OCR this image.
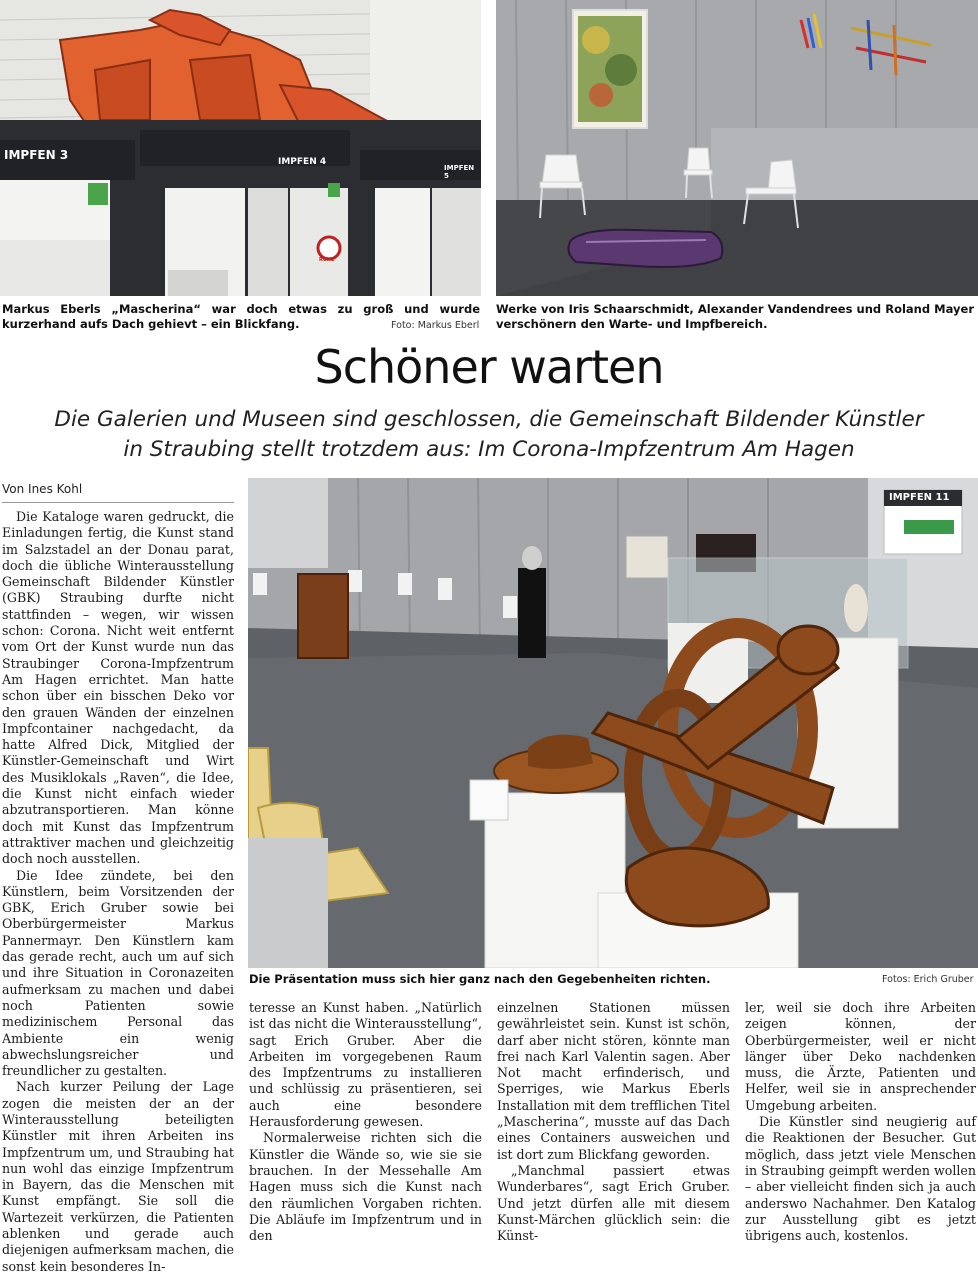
IMPFEN 3	IMPFEN 4
IMPFEN 5
RUHE
Markus Eberls „Mascherina“ war doch etwas zu groß und wurde kurzerhand aufs Dach gehievt – ein Blickfang.	Foto: Markus Eberl
Werke von Iris Schaarschmidt, Alexander Vandendrees und Roland Mayer verschönern den Warte- und Impfbereich.
Schöner warten
Die Galerien und Museen sind geschlossen, die Gemeinschaft Bildender Künstler
in Straubing stellt trotzdem aus: Im Corona-Impfzentrum Am Hagen
Von Ines Kohl
IMPFEN 11
Die Präsentation muss sich hier ganz nach den Gegebenheiten richten.	Fotos: Erich Gruber

Die Kataloge waren gedruckt, die Einladungen fertig, die Kunst stand im Salzstadel an der Donau parat, doch die übliche Winterausstellung Gemeinschaft Bildender Künstler (GBK) Straubing durfte nicht stattfinden – wegen, wir wissen schon: Corona. Nicht weit entfernt vom Ort der Kunst wurde nun das Straubinger Corona-Impfzentrum Am Hagen errichtet. Man hatte schon über ein bisschen Deko vor den grauen Wänden der einzelnen Impfcontainer nachgedacht, da hatte Alfred Dick, Mitglied der Künstler-Gemeinschaft und Wirt des Musiklokals „Raven“, die Idee, die Kunst nicht einfach wieder abzutransportieren. Man könne doch mit Kunst das Impfzentrum attraktiver machen und gleichzeitig doch noch ausstellen.

Die Idee zündete, bei den Künstlern, beim Vorsitzenden der GBK, Erich Gruber sowie bei Oberbürgermeister Markus Pannermayr. Den Künstlern kam das gerade recht, auch um auf sich und ihre Situation in Coronazeiten aufmerksam zu machen und dabei noch Patienten sowie medizinischem Personal das Ambiente ein wenig abwechslungsreicher und freundlicher zu gestalten.

Nach kurzer Peilung der Lage zogen die meisten der an der Winterausstellung beteiligten Künstler mit ihren Arbeiten ins Impfzentrum um, und Straubing hat nun wohl das einzige Impfzentrum in Bayern, das die Menschen mit Kunst empfängt. Sie soll die Wartezeit verkürzen, die Patienten ablenken und gerade auch diejenigen aufmerksam machen, die sonst kein besonderes In-

teresse an Kunst haben. „Natürlich ist das nicht die Winterausstellung“, sagt Erich Gruber. Aber die Arbeiten im vorgegebenen Raum des Impfzentrums zu installieren und schlüssig zu präsentieren, sei auch eine besondere Herausforderung gewesen.

Normalerweise richten sich die Künstler die Wände so, wie sie sie brauchen. In der Messehalle Am Hagen muss sich die Kunst nach den räumlichen Vorgaben richten. Die Abläufe im Impfzentrum und in den

einzelnen Stationen müssen gewährleistet sein. Kunst ist schön, darf aber nicht stören, könnte man frei nach Karl Valentin sagen. Aber Not macht erfinderisch, und Sperriges, wie Markus Eberls Installation mit dem trefflichen Titel „Mascherina“, musste auf das Dach eines Containers ausweichen und ist dort zum Blickfang geworden.

„Manchmal passiert etwas Wunderbares“, sagt Erich Gruber. Und jetzt dürfen alle mit diesem Kunst-Märchen glücklich sein: die Künst-

ler, weil sie doch ihre Arbeiten zeigen können, der Oberbürgermeister, weil er nicht länger über Deko nachdenken muss, die Ärzte, Patienten und Helfer, weil sie in ansprechender Umgebung arbeiten.

Die Künstler sind neugierig auf die Reaktionen der Besucher. Gut möglich, dass jetzt viele Menschen in Straubing geimpft werden wollen – aber vielleicht finden sich ja auch anderswo Nachahmer. Den Katalog zur Ausstellung gibt es jetzt übrigens auch, kostenlos.
